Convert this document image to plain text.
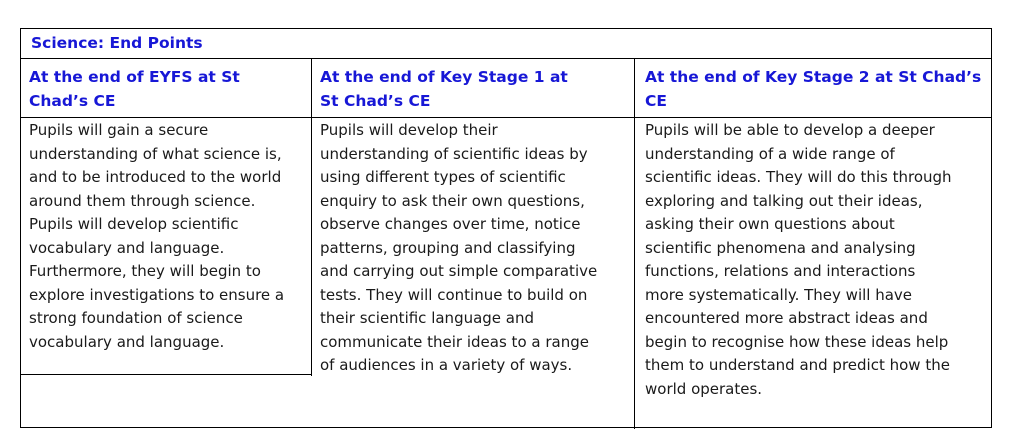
Science: End Points
At the end of EYFS at St
Chad’s CE
At the end of Key Stage 1 at
St Chad’s CE
At the end of Key Stage 2 at St Chad’s
CE
Pupils will gain a secure
understanding of what science is,
and to be introduced to the world
around them through science.
Pupils will develop scientific
vocabulary and language.
Furthermore, they will begin to
explore investigations to ensure a
strong foundation of science
vocabulary and language.
Pupils will develop their
understanding of scientific ideas by
using different types of scientific
enquiry to ask their own questions,
observe changes over time, notice
patterns, grouping and classifying
and carrying out simple comparative
tests. They will continue to build on
their scientific language and
communicate their ideas to a range
of audiences in a variety of ways.
Pupils will be able to develop a deeper
understanding of a wide range of
scientific ideas. They will do this through
exploring and talking out their ideas,
asking their own questions about
scientific phenomena and analysing
functions, relations and interactions
more systematically. They will have
encountered more abstract ideas and
begin to recognise how these ideas help
them to understand and predict how the
world operates.
